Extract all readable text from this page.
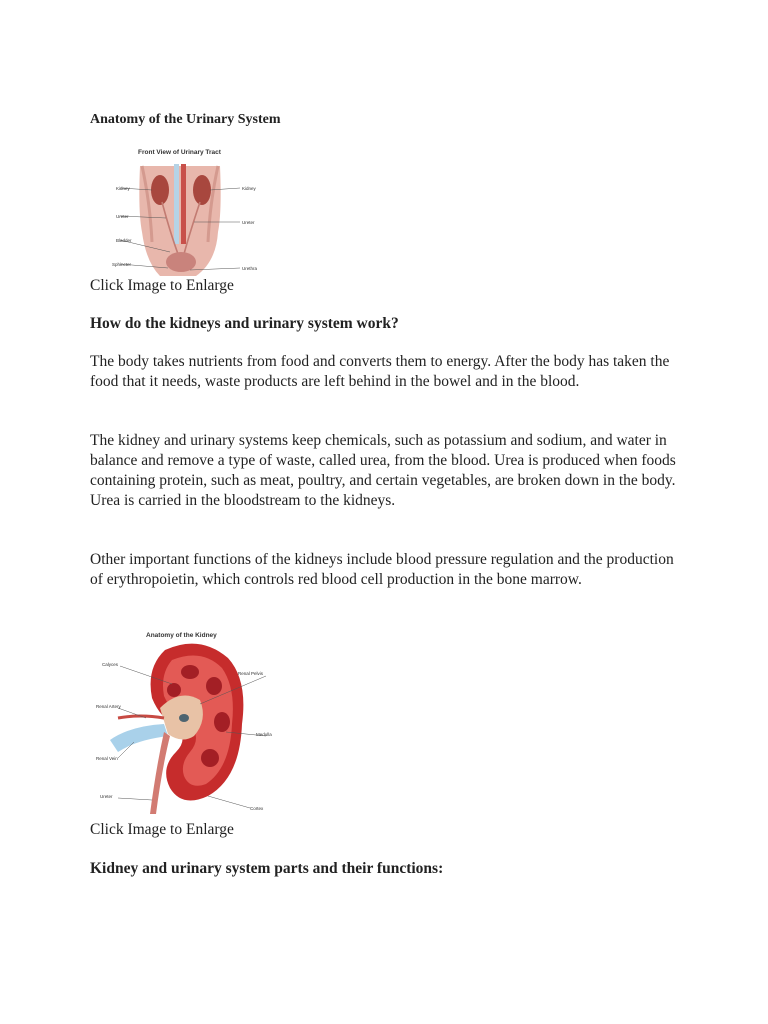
Anatomy of the Urinary System
Front View of Urinary Tract
Kidney	Kidney
Ureter
Ureter
Bladder
Sphincter
Urethra
Click Image to Enlarge
How do the kidneys and urinary system work?

The body takes nutrients from food and converts them to energy. After the body has taken the food that it needs, waste products are left behind in the bowel and in the blood.

The kidney and urinary systems keep chemicals, such as potassium and sodium, and water in balance and remove a type of waste, called urea, from the blood. Urea is produced when foods containing protein, such as meat, poultry, and certain vegetables, are broken down in the body. Urea is carried in the bloodstream to the kidneys.

Other important functions of the kidneys include blood pressure regulation and the production of erythropoietin, which controls red blood cell production in the bone marrow.

Anatomy of the Kidney
Calyces
Renal Pelvis
Renal Artery
Medulla
Renal Vein
Ureter
Cortex
Click Image to Enlarge
Kidney and urinary system parts and their functions:
